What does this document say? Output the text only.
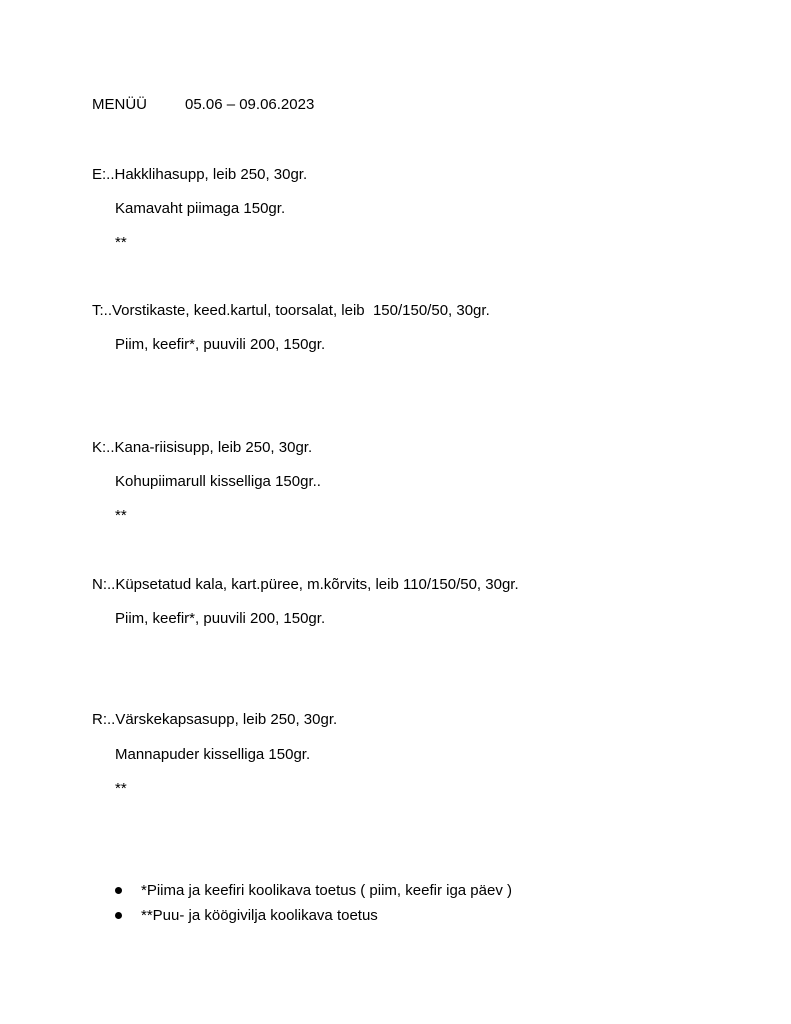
MENÜÜ	05.06 – 09.06.2023
E:..Hakklihasupp, leib 250, 30gr.
Kamavaht piimaga 150gr.
**
T:..Vorstikaste, keed.kartul, toorsalat, leib  150/150/50, 30gr.
Piim, keefir*, puuvili 200, 150gr.
K:..Kana-riisisupp, leib 250, 30gr.
Kohupiimarull kisselliga 150gr..
**
N:..Küpsetatud kala, kart.püree, m.kõrvits, leib 110/150/50, 30gr.
Piim, keefir*, puuvili 200, 150gr.
R:..Värskekapsasupp, leib 250, 30gr.
Mannapuder kisselliga 150gr.
**
*Piima ja keefiri koolikava toetus ( piim, keefir iga päev )
**Puu- ja köögivilja koolikava toetus
